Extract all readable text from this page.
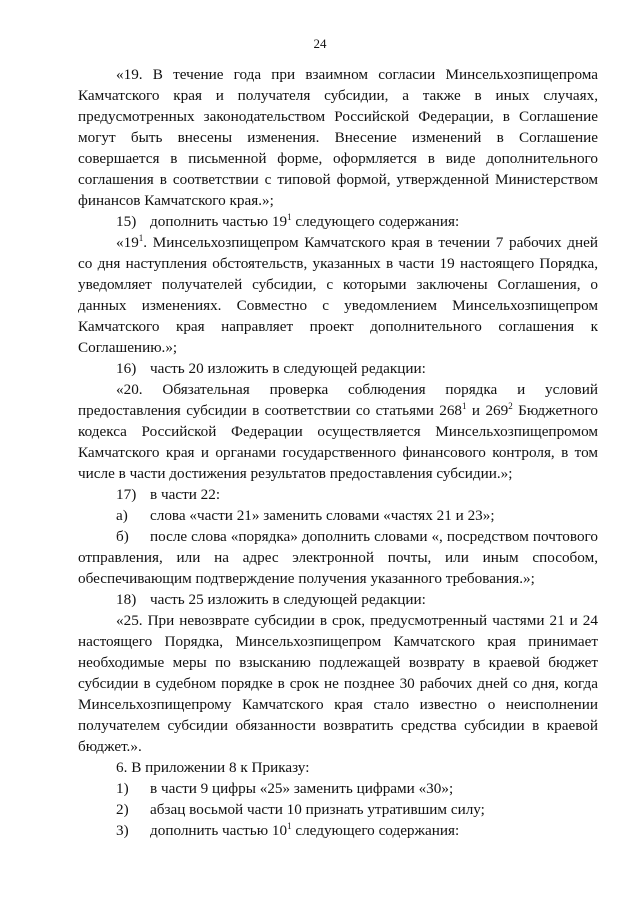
24

«19. В течение года при взаимном согласии Минсельхозпищепрома Камчатского края и получателя субсидии, а также в иных случаях, предусмотренных законодательством Российской Федерации, в Соглашение могут быть внесены изменения. Внесение изменений в Соглашение совершается в письменной форме, оформляется в виде дополнительного соглашения в соответствии с типовой формой, утвержденной Министерством финансов Камчатского края.»;

15) дополнить частью $19^1$ следующего содержания:

«$19^1$. Минсельхозпищепром Камчатского края в течении 7 рабочих дней со дня наступления обстоятельств, указанных в части 19 настоящего Порядка, уведомляет получателей субсидии, с которыми заключены Соглашения, о данных изменениях. Совместно с уведомлением Минсельхозпищепром Камчатского края направляет проект дополнительного соглашения к Соглашению.»;

16) часть 20 изложить в следующей редакции:

«20. Обязательная проверка соблюдения порядка и условий предоставления субсидии в соответствии со статьями $268^1$ и $269^2$ Бюджетного кодекса Российской Федерации осуществляется Минсельхозпищепромом Камчатского края и органами государственного финансового контроля, в том числе в части достижения результатов предоставления субсидии.»;

17) в части 22:
а)	слова «части 21» заменить словами «частях 21 и 23»;

б) после слова «порядка» дополнить словами «, посредством почтового отправления, или на адрес электронной почты, или иным способом, обеспечивающим подтверждение получения указанного требования.»;

18) часть 25 изложить в следующей редакции:

«25. При невозврате субсидии в срок, предусмотренный частями 21 и 24 настоящего Порядка, Минсельхозпищепром Камчатского края принимает необходимые меры по взысканию подлежащей возврату в краевой бюджет субсидии в судебном порядке в срок не позднее 30 рабочих дней со дня, когда Минсельхозпищепрому Камчатского края стало известно о неисполнении получателем субсидии обязанности возвратить средства субсидии в краевой бюджет.».

6. В приложении 8 к Приказу:

1)	в части 9 цифры «25» заменить цифрами «30»;
2)	абзац восьмой части 10 признать утратившим силу;
3)	дополнить частью $10^1$ следующего содержания:
